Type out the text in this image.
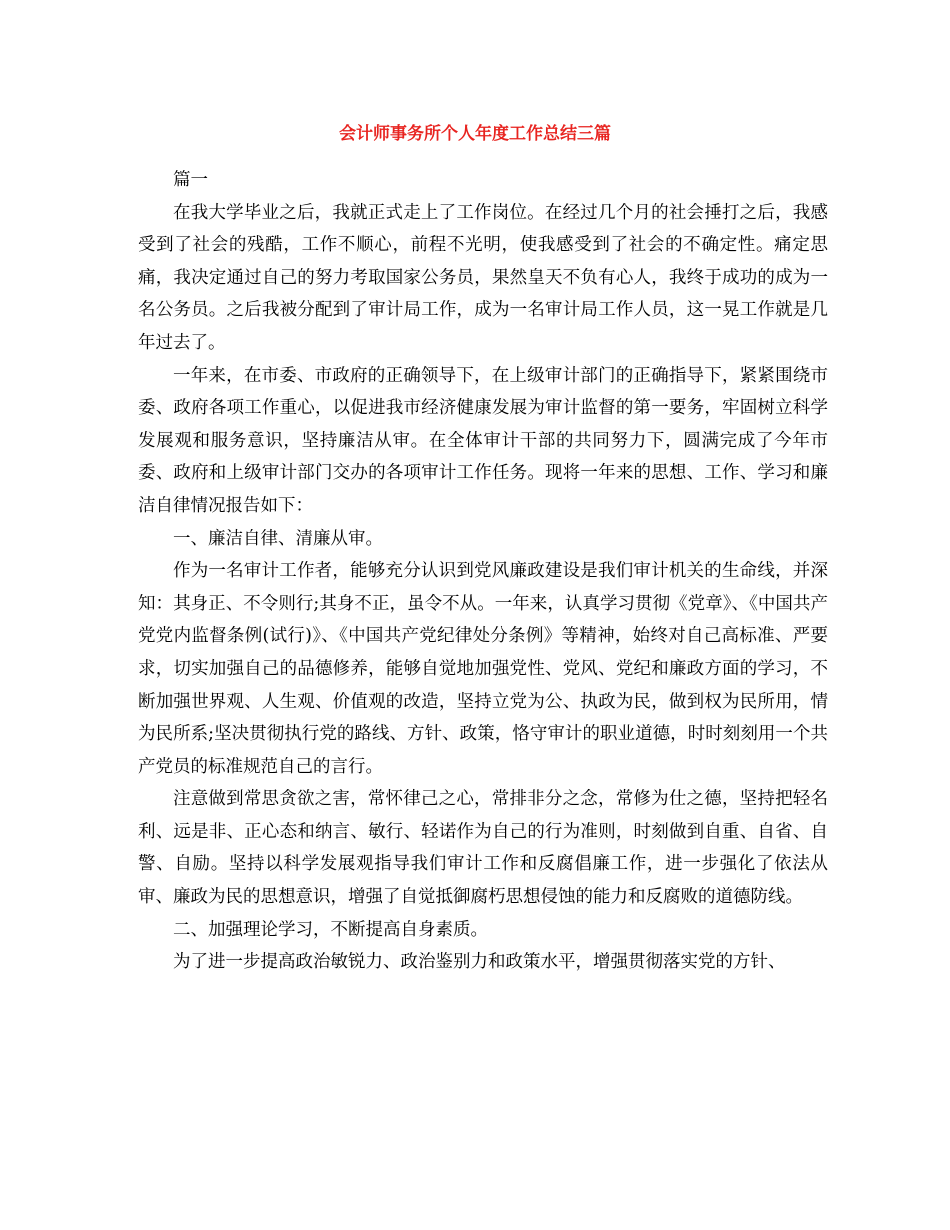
会计师事务所个人年度工作总结三篇

篇一

在我大学毕业之后，我就正式走上了工作岗位。在经过几个月的社会捶打之后，我感受到了社会的残酷，工作不顺心，前程不光明，使我感受到了社会的不确定性。痛定思痛，我决定通过自己的努力考取国家公务员，果然皇天不负有心人，我终于成功的成为一名公务员。之后我被分配到了审计局工作，成为一名审计局工作人员，这一晃工作就是几年过去了。

一年来，在市委、市政府的正确领导下，在上级审计部门的正确指导下，紧紧围绕市委、政府各项工作重心，以促进我市经济健康发展为审计监督的第一要务，牢固树立科学发展观和服务意识，坚持廉洁从审。在全体审计干部的共同努力下，圆满完成了今年市委、政府和上级审计部门交办的各项审计工作任务。现将一年来的思想、工作、学习和廉洁自律情况报告如下：

一、廉洁自律、清廉从审。

作为一名审计工作者，能够充分认识到党风廉政建设是我们审计机关的生命线，并深知：其身正、不令则行;其身不正，虽令不从。一年来，认真学习贯彻《党章》、《中国共产党党内监督条例(试行)》、《中国共产党纪律处分条例》等精神，始终对自己高标准、严要求，切实加强自己的品德修养，能够自觉地加强党性、党风、党纪和廉政方面的学习，不断加强世界观、人生观、价值观的改造，坚持立党为公、执政为民，做到权为民所用，情为民所系;坚决贯彻执行党的路线、方针、政策，恪守审计的职业道德，时时刻刻用一个共产党员的标准规范自己的言行。

注意做到常思贪欲之害，常怀律己之心，常排非分之念，常修为仕之德，坚持把轻名利、远是非、正心态和纳言、敏行、轻诺作为自己的行为准则，时刻做到自重、自省、自警、自励。坚持以科学发展观指导我们审计工作和反腐倡廉工作，进一步强化了依法从审、廉政为民的思想意识，增强了自觉抵御腐朽思想侵蚀的能力和反腐败的道德防线。

二、加强理论学习，不断提高自身素质。

为了进一步提高政治敏锐力、政治鉴别力和政策水平，增强贯彻落实党的方针、
